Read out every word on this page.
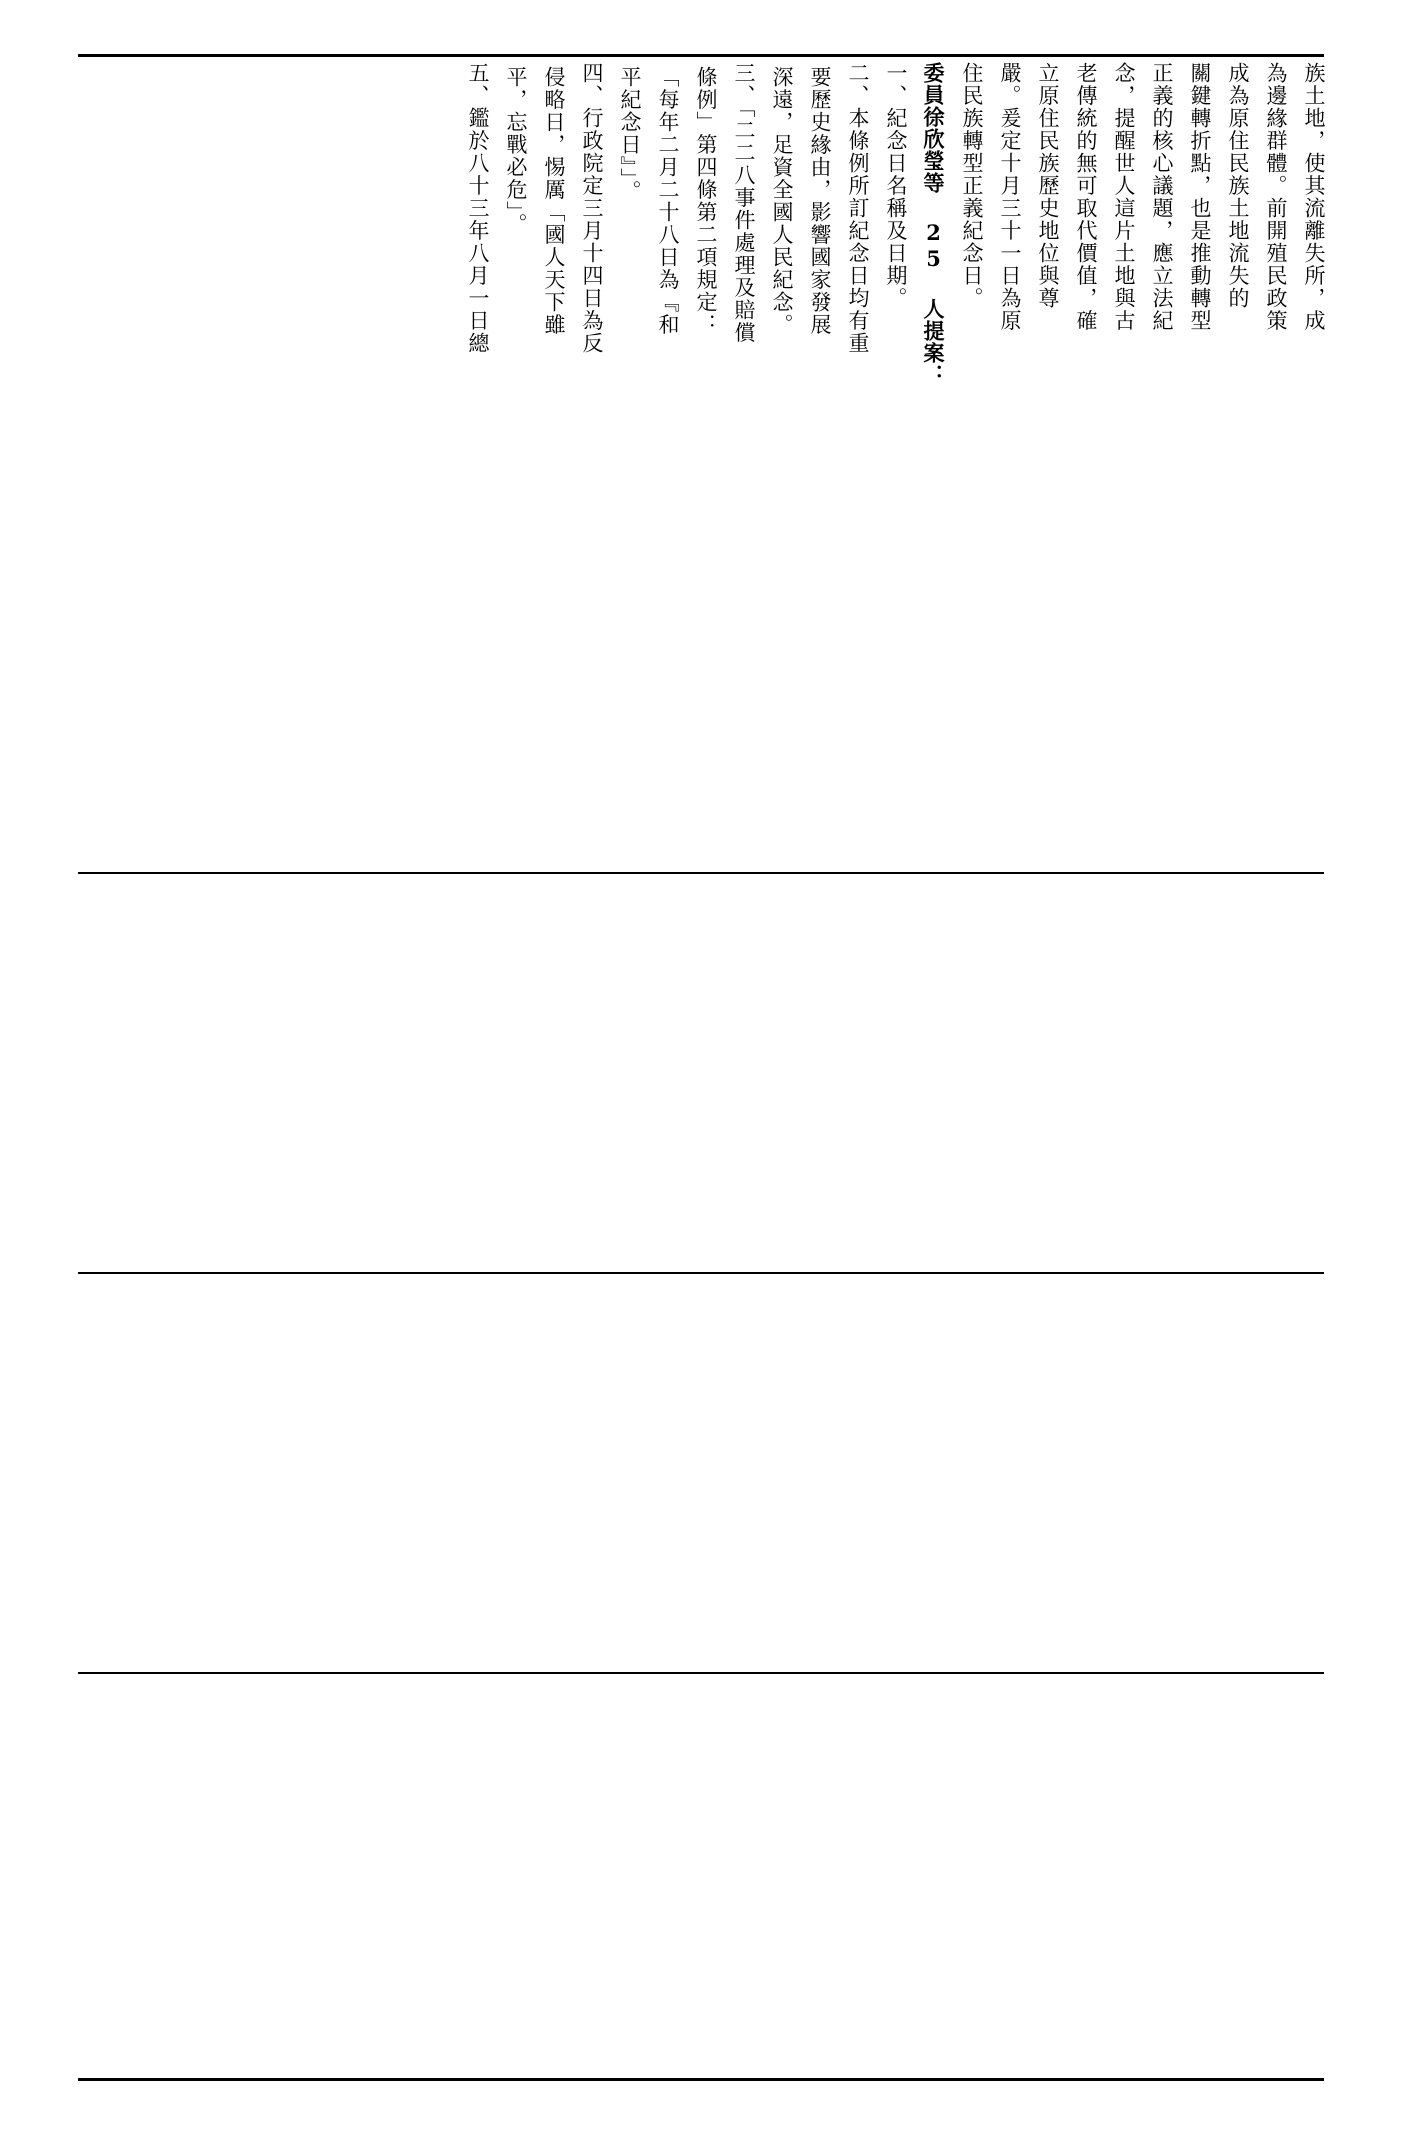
族土地，使其流離失所，成
為邊緣群體。前開殖民政策
成為原住民族土地流失的
關鍵轉折點，也是推動轉型
正義的核心議題，應立法紀
念，提醒世人這片土地與古
老傳統的無可取代價值，確
立原住民族歷史地位與尊
嚴。爰定十月三十一日為原
住民族轉型正義紀念日。
委員徐欣瑩等 25 人提案：
一、紀念日名稱及日期。
二、本條例所訂紀念日均有重
要歷史緣由，影響國家發展
深遠，足資全國人民紀念。
三、「二二八事件處理及賠償
條例」第四條第二項規定：
「每年二月二十八日為『和
平紀念日』」。
四、行政院定三月十四日為反
侵略日，惕厲「國人天下雖
平，忘戰必危」。
五、鑑於八十三年八月一日總
